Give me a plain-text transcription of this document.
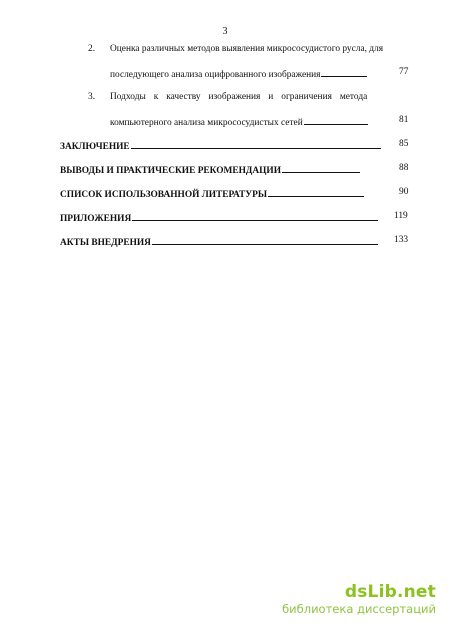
3
2. Оценка различных методов выявления микрососудистого русла, для
последующего анализа оцифрованного изображения	77
3. Подходы к качеству изображения и ограничения метода
компьютерного анализа микрососудистых сетей	81
ЗАКЛЮЧЕНИЕ	85
ВЫВОДЫ И ПРАКТИЧЕСКИЕ РЕКОМЕНДАЦИИ	88
СПИСОК ИСПОЛЬЗОВАННОЙ ЛИТЕРАТУРЫ	90
ПРИЛОЖЕНИЯ	119
АКТЫ ВНЕДРЕНИЯ	133
dsLib.net
библиотека диссертаций
